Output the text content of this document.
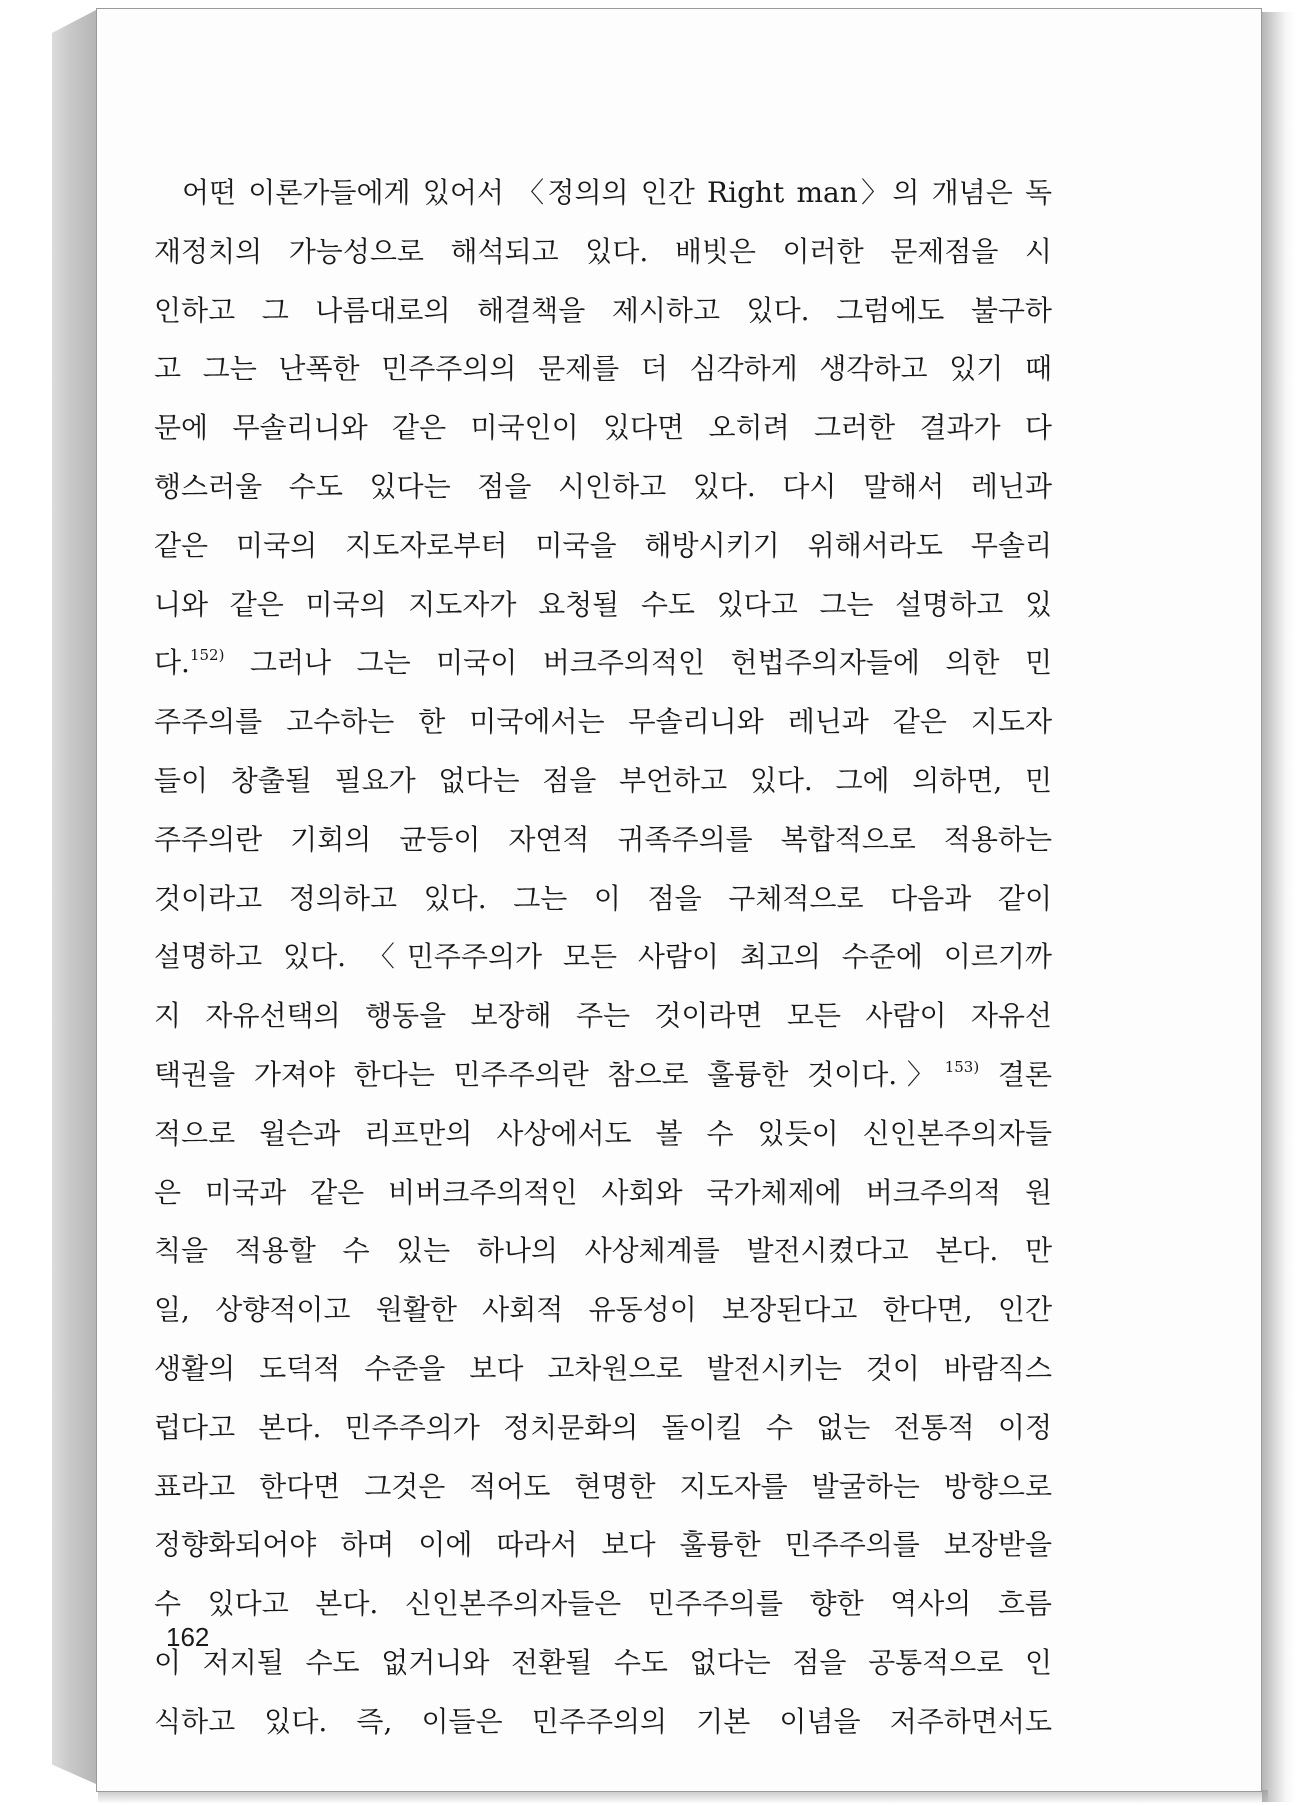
어떤 이론가들에게 있어서 〈정의의 인간 Right man〉의 개념은 독
재정치의 가능성으로 해석되고 있다. 배빗은 이러한 문제점을 시
인하고 그 나름대로의 해결책을 제시하고 있다. 그럼에도 불구하
고 그는 난폭한 민주주의의 문제를 더 심각하게 생각하고 있기 때
문에 무솔리니와 같은 미국인이 있다면 오히려 그러한 결과가 다
행스러울 수도 있다는 점을 시인하고 있다. 다시 말해서 레닌과
같은 미국의 지도자로부터 미국을 해방시키기 위해서라도 무솔리
니와 같은 미국의 지도자가 요청될 수도 있다고 그는 설명하고 있
다.$^{152)}$ 그러나 그는 미국이 버크주의적인 헌법주의자들에 의한 민
주주의를 고수하는 한 미국에서는 무솔리니와 레닌과 같은 지도자
들이 창출될 필요가 없다는 점을 부언하고 있다. 그에 의하면, 민
주주의란 기회의 균등이 자연적 귀족주의를 복합적으로 적용하는
것이라고 정의하고 있다. 그는 이 점을 구체적으로 다음과 같이
설명하고 있다. 〈민주주의가 모든 사람이 최고의 수준에 이르기까
지 자유선택의 행동을 보장해 주는 것이라면 모든 사람이 자유선
택권을 가져야 한다는 민주주의란 참으로 훌륭한 것이다.〉$^{153)}$ 결론
적으로 윌슨과 리프만의 사상에서도 볼 수 있듯이 신인본주의자들
은 미국과 같은 비버크주의적인 사회와 국가체제에 버크주의적 원
칙을 적용할 수 있는 하나의 사상체계를 발전시켰다고 본다. 만
일, 상향적이고 원활한 사회적 유동성이 보장된다고 한다면, 인간
생활의 도덕적 수준을 보다 고차원으로 발전시키는 것이 바람직스
럽다고 본다. 민주주의가 정치문화의 돌이킬 수 없는 전통적 이정
표라고 한다면 그것은 적어도 현명한 지도자를 발굴하는 방향으로
정향화되어야 하며 이에 따라서 보다 훌륭한 민주주의를 보장받을
수 있다고 본다. 신인본주의자들은 민주주의를 향한 역사의 흐름
이 저지될 수도 없거니와 전환될 수도 없다는 점을 공통적으로 인
식하고 있다. 즉, 이들은 민주주의의 기본 이념을 저주하면서도
162
